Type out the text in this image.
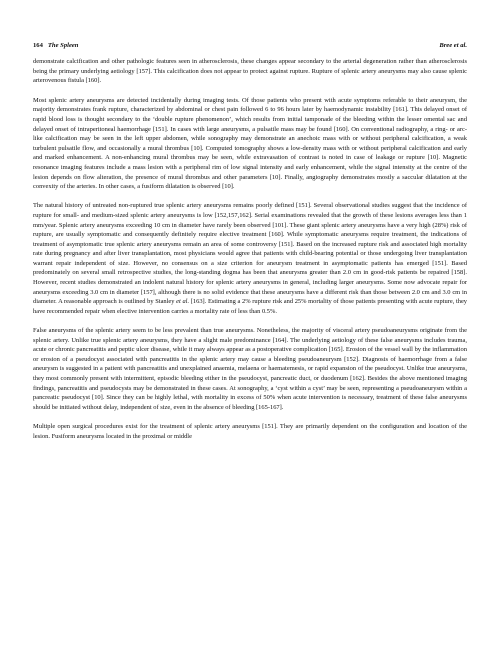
164 The Spleen	Bree et al.

demonstrate calcification and other pathologic features seen in atherosclerosis, these changes appear secondary to the arterial degeneration rather than atherosclerosis being the primary underlying aetiology [157]. This calcification does not appear to protect against rupture. Rupture of splenic artery aneurysms may also cause splenic arterovenous fistula [160].

Most splenic artery aneurysms are detected incidentally during imaging tests. Of those patients who present with acute symptoms referable to their aneurysm, the majority demonstrates frank rupture, characterized by abdominal or chest pain followed 6 to 96 hours later by haemodynamic instability [161]. This delayed onset of rapid blood loss is thought secondary to the ‘double rupture phenomenon’, which results from initial tamponade of the bleeding within the lesser omental sac and delayed onset of intraperitoneal haemorrhage [151]. In cases with large aneurysms, a pulsatile mass may be found [160]. On conventional radiography, a ring- or arc-like calcification may be seen in the left upper abdomen, while sonography may demonstrate an anechoic mass with or without peripheral calcification, a weak turbulent pulsatile flow, and occasionally a mural thrombus [10]. Computed tomography shows a low-density mass with or without peripheral calcification and early and marked enhancement. A non-enhancing mural thrombus may be seen, while extravasation of contrast is noted in case of leakage or rupture [10]. Magnetic resonance imaging features include a mass lesion with a peripheral rim of low signal intensity and early enhancement, while the signal intensity at the centre of the lesion depends on flow alteration, the presence of mural thrombus and other parameters [10]. Finally, angiography demonstrates mostly a saccular dilatation at the convexity of the arteries. In other cases, a fusiform dilatation is observed [10].

The natural history of untreated non-ruptured true splenic artery aneurysms remains poorly defined [151]. Several observational studies suggest that the incidence of rupture for small- and medium-sized splenic artery aneurysms is low [152,157,162]. Serial examinations revealed that the growth of these lesions averages less than 1 mm/year. Splenic artery aneurysms exceeding 10 cm in diameter have rarely been observed [101]. These giant splenic artery aneurysms have a very high (28%) risk of rupture, are usually symptomatic and consequently definitely require elective treatment [160]. While symptomatic aneurysms require treatment, the indications of treatment of asymptomatic true splenic artery aneurysms remain an area of some controversy [151]. Based on the increased rupture risk and associated high mortality rate during pregnancy and after liver transplantation, most physicians would agree that patients with child-bearing potential or those undergoing liver transplantation warrant repair independent of size. However, no consensus on a size criterion for aneurysm treatment in asymptomatic patients has emerged [151]. Based predominately on several small retrospective studies, the long-standing dogma has been that aneurysms greater than 2.0 cm in good-risk patients be repaired [158]. However, recent studies demonstrated an indolent natural history for splenic artery aneurysms in general, including larger aneurysms. Some now advocate repair for aneurysms exceeding 3.0 cm in diameter [157], although there is no solid evidence that these aneurysms have a different risk than those between 2.0 cm and 3.0 cm in diameter. A reasonable approach is outlined by Stanley et al. [163]. Estimating a 2% rupture risk and 25% mortality of those patients presenting with acute rupture, they have recommended repair when elective intervention carries a mortality rate of less than 0.5%.

False aneurysms of the splenic artery seem to be less prevalent than true aneurysms. Nonetheless, the majority of visceral artery pseudoaneurysms originate from the splenic artery. Unlike true splenic artery aneurysms, they have a slight male predominance [164]. The underlying aetiology of these false aneurysms includes trauma, acute or chronic pancreatitis and peptic ulcer disease, while it may always appear as a postoperative complication [165]. Erosion of the vessel wall by the inflammation or erosion of a pseudocyst associated with pancreatitis in the splenic artery may cause a bleeding pseudoaneurysm [152]. Diagnosis of haemorrhage from a false aneurysm is suggested in a patient with pancreatitis and unexplained anaemia, melaena or haematemesis, or rapid expansion of the pseudocyst. Unlike true aneurysms, they most commonly present with intermittent, episodic bleeding either in the pseudocyst, pancreatic duct, or duodenum [162]. Besides the above mentioned imaging findings, pancreatitis and pseudocysts may be demonstrated in these cases. At sonography, a ‘cyst within a cyst’ may be seen, representing a pseudoaneurysm within a pancreatic pseudocyst [10]. Since they can be highly lethal, with mortality in excess of 50% when acute intervention is necessary, treatment of these false aneurysms should be initiated without delay, independent of size, even in the absence of bleeding [165-167].

Multiple open surgical procedures exist for the treatment of splenic artery aneurysms [151]. They are primarily dependent on the configuration and location of the lesion. Fusiform aneurysms located in the proximal or middle
